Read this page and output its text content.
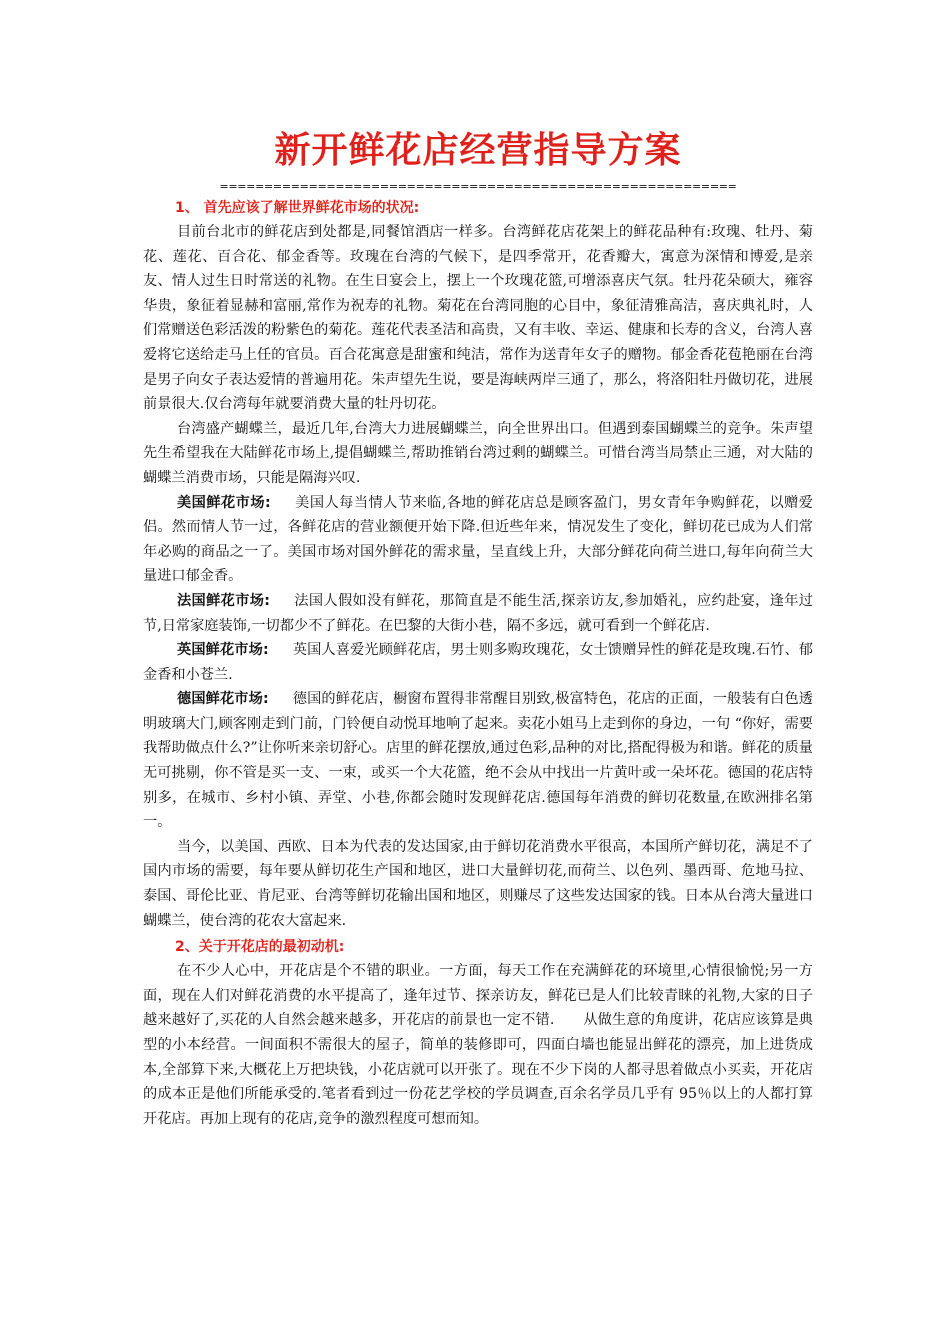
新开鲜花店经营指导方案
==========================================================
1、 首先应该了解世界鲜花市场的状况:

目前台北市的鲜花店到处都是,同餐馆酒店一样多。台湾鲜花店花架上的鲜花品种有:玫瑰、牡丹、菊花、莲花、百合花、郁金香等。玫瑰在台湾的气候下，是四季常开，花香瓣大，寓意为深情和博爱,是亲友、情人过生日时常送的礼物。在生日宴会上，摆上一个玫瑰花篮,可增添喜庆气氛。牡丹花朵硕大，雍容华贵，象征着显赫和富丽,常作为祝寿的礼物。菊花在台湾同胞的心目中，象征清雅高洁，喜庆典礼时，人们常赠送色彩活泼的粉紫色的菊花。莲花代表圣洁和高贵，又有丰收、幸运、健康和长寿的含义，台湾人喜爱将它送给走马上任的官员。百合花寓意是甜蜜和纯洁，常作为送青年女子的赠物。郁金香花苞艳丽在台湾是男子向女子表达爱情的普遍用花。朱声望先生说，要是海峡两岸三通了，那么，将洛阳牡丹做切花，进展前景很大.仅台湾每年就要消费大量的牡丹切花。

台湾盛产蝴蝶兰，最近几年,台湾大力进展蝴蝶兰，向全世界出口。但遇到泰国蝴蝶兰的竞争。朱声望先生希望我在大陆鲜花市场上,提倡蝴蝶兰,帮助推销台湾过剩的蝴蝶兰。可惜台湾当局禁止三通，对大陆的蝴蝶兰消费市场，只能是隔海兴叹.

美国鲜花市场: 美国人每当情人节来临,各地的鲜花店总是顾客盈门，男女青年争购鲜花，以赠爱侣。然而情人节一过，各鲜花店的营业额便开始下降.但近些年来，情况发生了变化，鲜切花已成为人们常年必购的商品之一了。美国市场对国外鲜花的需求量，呈直线上升，大部分鲜花向荷兰进口,每年向荷兰大量进口郁金香。

法国鲜花市场: 法国人假如没有鲜花，那简直是不能生活,探亲访友,参加婚礼，应约赴宴，逢年过节,日常家庭装饰,一切都少不了鲜花。在巴黎的大街小巷，隔不多远，就可看到一个鲜花店.

英国鲜花市场: 英国人喜爱光顾鲜花店，男士则多购玫瑰花，女士馈赠异性的鲜花是玫瑰.石竹、郁金香和小苍兰.

德国鲜花市场: 德国的鲜花店，橱窗布置得非常醒目别致,极富特色，花店的正面，一般装有白色透明玻璃大门,顾客刚走到门前，门铃便自动悦耳地响了起来。卖花小姐马上走到你的身边，一句 “你好，需要我帮助做点什么?”让你听来亲切舒心。店里的鲜花摆放,通过色彩,品种的对比,搭配得极为和谐。鲜花的质量无可挑剔，你不管是买一支、一束，或买一个大花篮，绝不会从中找出一片黄叶或一朵坏花。德国的花店特别多，在城市、乡村小镇、弄堂、小巷,你都会随时发现鲜花店.德国每年消费的鲜切花数量,在欧洲排名第一。

当今，以美国、西欧、日本为代表的发达国家,由于鲜切花消费水平很高，本国所产鲜切花，满足不了国内市场的需要，每年要从鲜切花生产国和地区，进口大量鲜切花,而荷兰、以色列、墨西哥、危地马拉、泰国、哥伦比亚、肯尼亚、台湾等鲜切花输出国和地区，则赚尽了这些发达国家的钱。日本从台湾大量进口蝴蝶兰，使台湾的花农大富起来.

2、关于开花店的最初动机:

在不少人心中，开花店是个不错的职业。一方面，每天工作在充满鲜花的环境里,心情很愉悦;另一方面，现在人们对鲜花消费的水平提高了，逢年过节、探亲访友，鲜花已是人们比较青睐的礼物,大家的日子越来越好了,买花的人自然会越来越多，开花店的前景也一定不错.　　从做生意的角度讲，花店应该算是典型的小本经营。一间面积不需很大的屋子，简单的装修即可，四面白墙也能显出鲜花的漂亮，加上进货成本,全部算下来,大概花上万把块钱，小花店就可以开张了。现在不少下岗的人都寻思着做点小买卖，开花店的成本正是他们所能承受的.笔者看到过一份花艺学校的学员调查,百余名学员几乎有 95％以上的人都打算开花店。再加上现有的花店,竞争的激烈程度可想而知。
